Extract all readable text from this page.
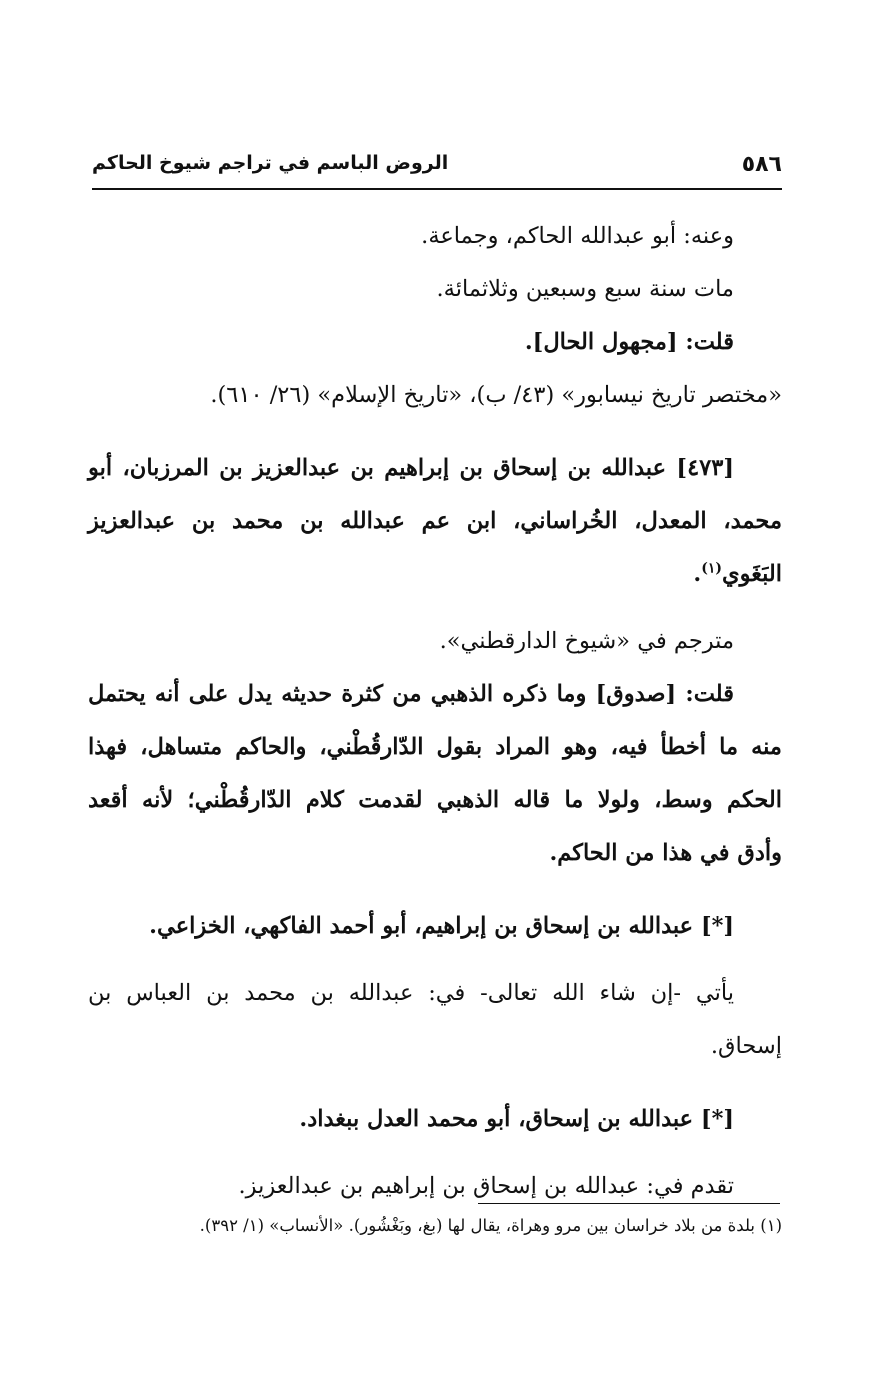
٥٨٦
الروض الباسم في تراجم شيوخ الحاكم
وعنه: أبو عبدالله الحاكم، وجماعة.
مات سنة سبع وسبعين وثلاثمائة.
قلت: [مجهول الحال].
«مختصر تاريخ نيسابور» (٤٣/ ب)، «تاريخ الإسلام» (٢٦/ ٦١٠).
[٤٧٣] عبدالله بن إسحاق بن إبراهيم بن عبدالعزيز بن المرزبان، أبو
محمد، المعدل، الخُراساني، ابن عم عبدالله بن محمد بن عبدالعزيز
البَغَوي$^{(١)}$.
مترجم في «شيوخ الدارقطني».
قلت: [صدوق] وما ذكره الذهبي من كثرة حديثه يدل على أنه يحتمل
منه ما أخطأ فيه، وهو المراد بقول الدّارقُطْني، والحاكم متساهل، فهذا
الحكم وسط، ولولا ما قاله الذهبي لقدمت كلام الدّارقُطْني؛ لأنه أقعد
وأدق في هذا من الحاكم.
[*] عبدالله بن إسحاق بن إبراهيم، أبو أحمد الفاكهي، الخزاعي.
يأتي -إن شاء الله تعالى- في: عبدالله بن محمد بن العباس بن
إسحاق.
[*] عبدالله بن إسحاق، أبو محمد العدل ببغداد.
تقدم في: عبدالله بن إسحاق بن إبراهيم بن عبدالعزيز.
(١) بلدة من بلاد خراسان بين مرو وهراة، يقال لها (بغ، وبَغْشُور). «الأنساب» (١/ ٣٩٢).
